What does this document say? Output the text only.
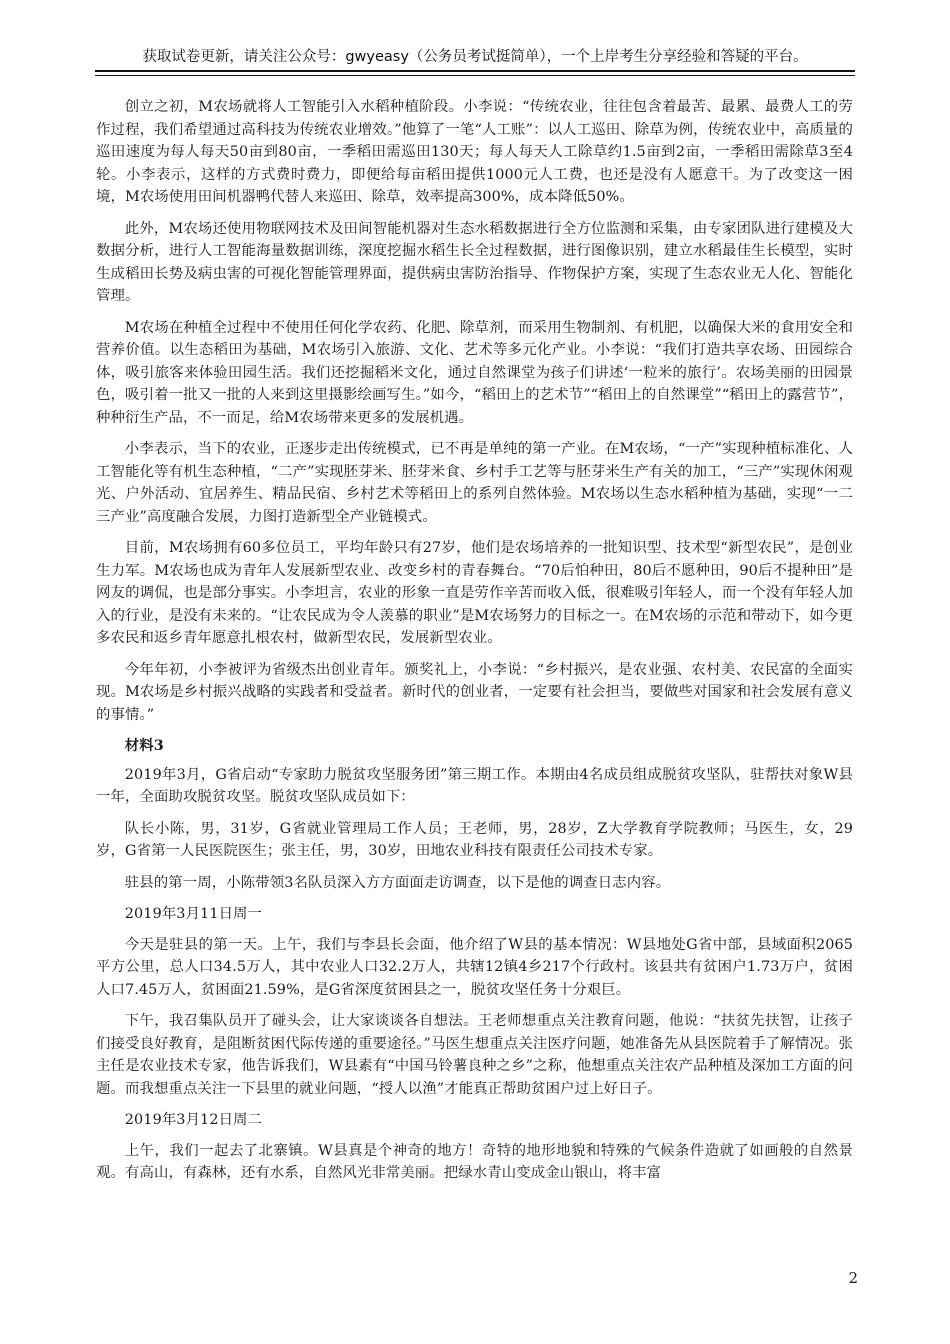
获取试卷更新，请关注公众号：gwyeasy（公务员考试挺简单），一个上岸考生分享经验和答疑的平台。

创立之初，M农场就将人工智能引入水稻种植阶段。小李说：“传统农业，往往包含着最苦、最累、最费人工的劳作过程，我们希望通过高科技为传统农业增效。”他算了一笔“人工账”：以人工巡田、除草为例，传统农业中，高质量的巡田速度为每人每天50亩到80亩，一季稻田需巡田130天；每人每天人工除草约1.5亩到2亩，一季稻田需除草3至4轮。小李表示，这样的方式费时费力，即便给每亩稻田提供1000元人工费，也还是没有人愿意干。为了改变这一困境，M农场使用田间机器鸭代替人来巡田、除草，效率提高300%，成本降低50%。

此外，M农场还使用物联网技术及田间智能机器对生态水稻数据进行全方位监测和采集，由专家团队进行建模及大数据分析，进行人工智能海量数据训练，深度挖掘水稻生长全过程数据，进行图像识别，建立水稻最佳生长模型，实时生成稻田长势及病虫害的可视化智能管理界面，提供病虫害防治指导、作物保护方案，实现了生态农业无人化、智能化管理。

M农场在种植全过程中不使用任何化学农药、化肥、除草剂，而采用生物制剂、有机肥，以确保大米的食用安全和营养价值。以生态稻田为基础，M农场引入旅游、文化、艺术等多元化产业。小李说：“我们打造共享农场、田园综合体，吸引旅客来体验田园生活。我们还挖掘稻米文化，通过自然课堂为孩子们讲述‘一粒米的旅行’。农场美丽的田园景色，吸引着一批又一批的人来到这里摄影绘画写生。”如今，“稻田上的艺术节”“稻田上的自然课堂”“稻田上的露营节”，种种衍生产品，不一而足，给M农场带来更多的发展机遇。

小李表示，当下的农业，正逐步走出传统模式，已不再是单纯的第一产业。在M农场，“一产”实现种植标准化、人工智能化等有机生态种植，“二产”实现胚芽米、胚芽米食、乡村手工艺等与胚芽米生产有关的加工，“三产”实现休闲观光、户外活动、宜居养生、精品民宿、乡村艺术等稻田上的系列自然体验。M农场以生态水稻种植为基础，实现“一二三产业”高度融合发展，力图打造新型全产业链模式。

目前，M农场拥有60多位员工，平均年龄只有27岁，他们是农场培养的一批知识型、技术型“新型农民”，是创业生力军。M农场也成为青年人发展新型农业、改变乡村的青春舞台。“70后怕种田，80后不愿种田，90后不提种田”是网友的调侃，也是部分事实。小李坦言，农业的形象一直是劳作辛苦而收入低，很难吸引年轻人，而一个没有年轻人加入的行业，是没有未来的。“让农民成为令人羡慕的职业”是M农场努力的目标之一。在M农场的示范和带动下，如今更多农民和返乡青年愿意扎根农村，做新型农民，发展新型农业。

今年年初，小李被评为省级杰出创业青年。颁奖礼上，小李说：“乡村振兴，是农业强、农村美、农民富的全面实现。M农场是乡村振兴战略的实践者和受益者。新时代的创业者，一定要有社会担当，要做些对国家和社会发展有意义的事情。”

材料3

2019年3月，G省启动“专家助力脱贫攻坚服务团”第三期工作。本期由4名成员组成脱贫攻坚队，驻帮扶对象W县一年，全面助攻脱贫攻坚。脱贫攻坚队成员如下：

队长小陈，男，31岁，G省就业管理局工作人员；王老师，男，28岁，Z大学教育学院教师；马医生，女，29岁，G省第一人民医院医生；张主任，男，30岁，田地农业科技有限责任公司技术专家。

驻县的第一周，小陈带领3名队员深入方方面面走访调查，以下是他的调查日志内容。

2019年3月11日周一

今天是驻县的第一天。上午，我们与李县长会面，他介绍了W县的基本情况：W县地处G省中部，县域面积2065平方公里，总人口34.5万人，其中农业人口32.2万人，共辖12镇4乡217个行政村。该县共有贫困户1.73万户，贫困人口7.45万人，贫困面21.59%，是G省深度贫困县之一，脱贫攻坚任务十分艰巨。

下午，我召集队员开了碰头会，让大家谈谈各自想法。王老师想重点关注教育问题，他说：“扶贫先扶智，让孩子们接受良好教育，是阻断贫困代际传递的重要途径。”马医生想重点关注医疗问题，她准备先从县医院着手了解情况。张主任是农业技术专家，他告诉我们，W县素有“中国马铃薯良种之乡”之称，他想重点关注农产品种植及深加工方面的问题。而我想重点关注一下县里的就业问题，“授人以渔”才能真正帮助贫困户过上好日子。

2019年3月12日周二

上午，我们一起去了北寨镇。W县真是个神奇的地方！奇特的地形地貌和特殊的气候条件造就了如画般的自然景观。有高山，有森林，还有水系，自然风光非常美丽。把绿水青山变成金山银山，将丰富

2
